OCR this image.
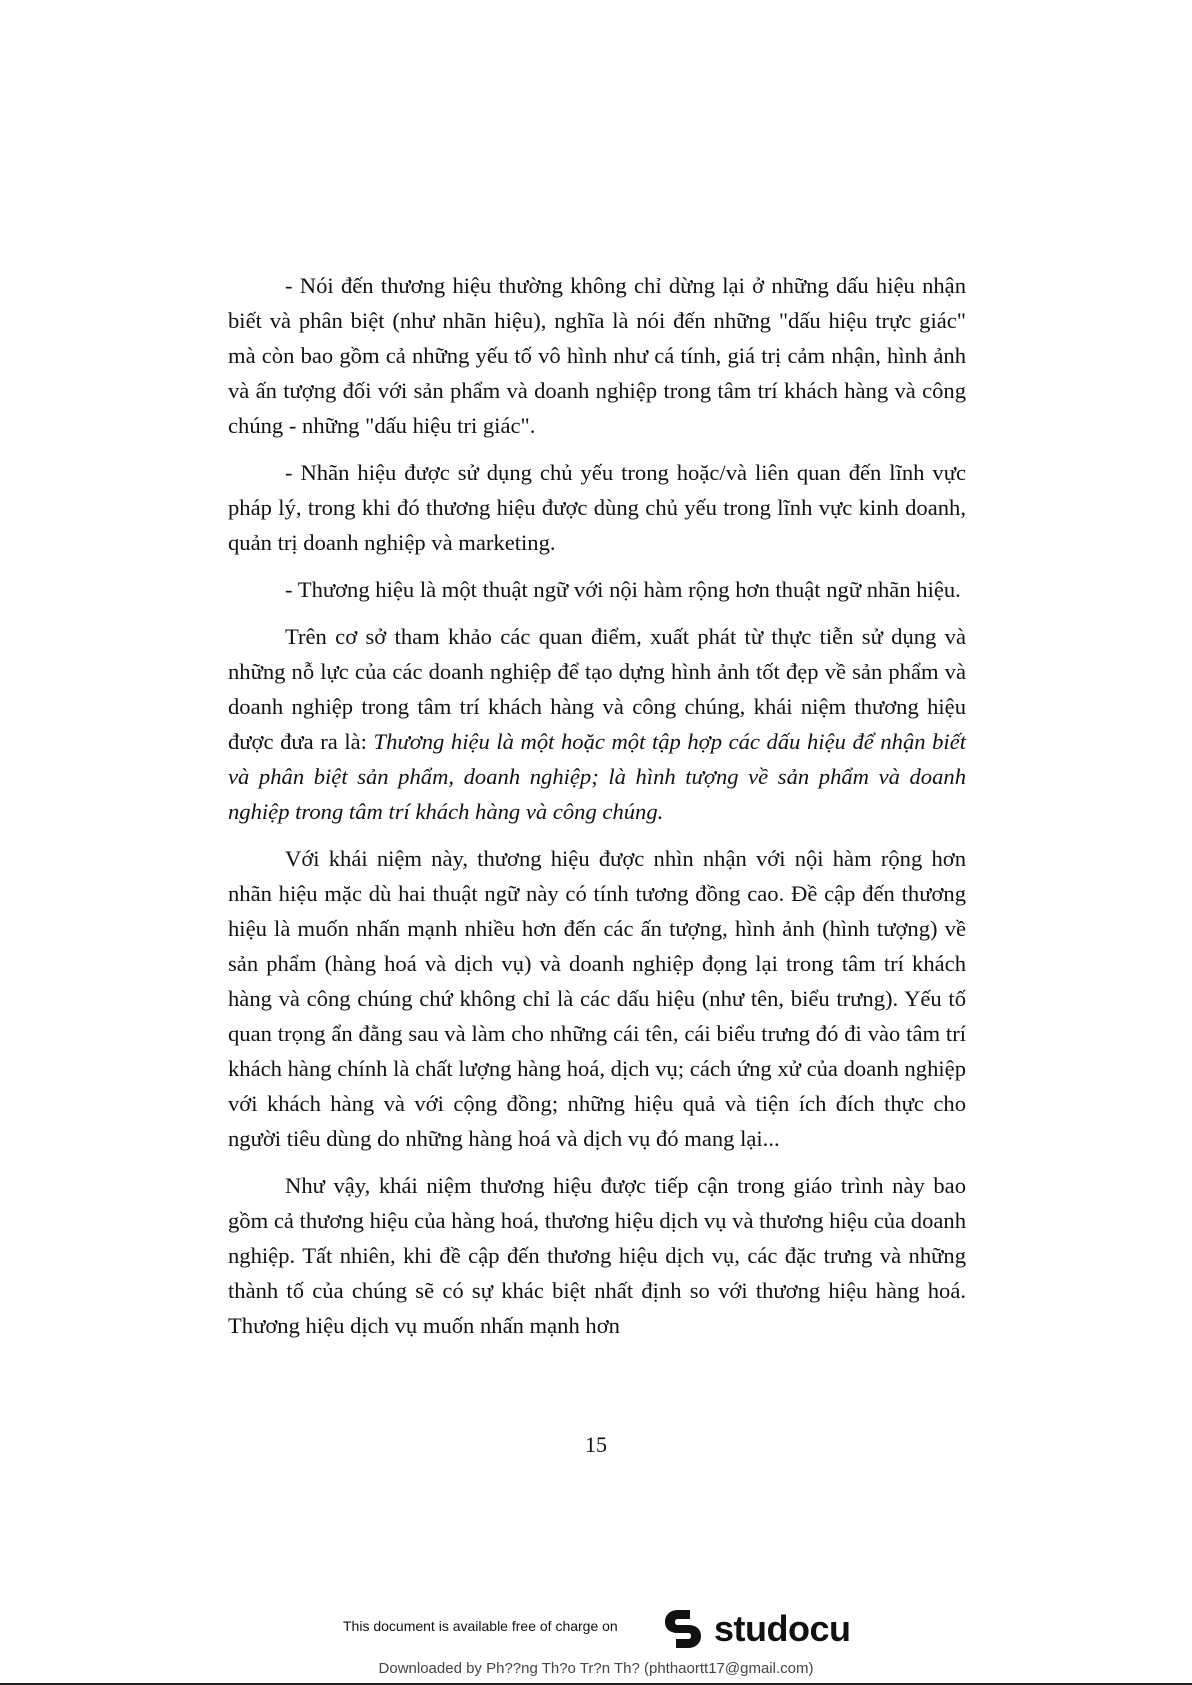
- Nói đến thương hiệu thường không chỉ dừng lại ở những dấu hiệu nhận biết và phân biệt (như nhãn hiệu), nghĩa là nói đến những "dấu hiệu trực giác" mà còn bao gồm cả những yếu tố vô hình như cá tính, giá trị cảm nhận, hình ảnh và ấn tượng đối với sản phẩm và doanh nghiệp trong tâm trí khách hàng và công chúng - những "dấu hiệu tri giác".

- Nhãn hiệu được sử dụng chủ yếu trong hoặc/và liên quan đến lĩnh vực pháp lý, trong khi đó thương hiệu được dùng chủ yếu trong lĩnh vực kinh doanh, quản trị doanh nghiệp và marketing.

- Thương hiệu là một thuật ngữ với nội hàm rộng hơn thuật ngữ nhãn hiệu.

Trên cơ sở tham khảo các quan điểm, xuất phát từ thực tiễn sử dụng và những nỗ lực của các doanh nghiệp để tạo dựng hình ảnh tốt đẹp về sản phẩm và doanh nghiệp trong tâm trí khách hàng và công chúng, khái niệm thương hiệu được đưa ra là: Thương hiệu là một hoặc một tập hợp các dấu hiệu để nhận biết và phân biệt sản phẩm, doanh nghiệp; là hình tượng về sản phẩm và doanh nghiệp trong tâm trí khách hàng và công chúng.

Với khái niệm này, thương hiệu được nhìn nhận với nội hàm rộng hơn nhãn hiệu mặc dù hai thuật ngữ này có tính tương đồng cao. Đề cập đến thương hiệu là muốn nhấn mạnh nhiều hơn đến các ấn tượng, hình ảnh (hình tượng) về sản phẩm (hàng hoá và dịch vụ) và doanh nghiệp đọng lại trong tâm trí khách hàng và công chúng chứ không chỉ là các dấu hiệu (như tên, biểu trưng). Yếu tố quan trọng ẩn đằng sau và làm cho những cái tên, cái biểu trưng đó đi vào tâm trí khách hàng chính là chất lượng hàng hoá, dịch vụ; cách ứng xử của doanh nghiệp với khách hàng và với cộng đồng; những hiệu quả và tiện ích đích thực cho người tiêu dùng do những hàng hoá và dịch vụ đó mang lại...

Như vậy, khái niệm thương hiệu được tiếp cận trong giáo trình này bao gồm cả thương hiệu của hàng hoá, thương hiệu dịch vụ và thương hiệu của doanh nghiệp. Tất nhiên, khi đề cập đến thương hiệu dịch vụ, các đặc trưng và những thành tố của chúng sẽ có sự khác biệt nhất định so với thương hiệu hàng hoá. Thương hiệu dịch vụ muốn nhấn mạnh hơn

15
This document is available free of charge on	studocu
Downloaded by Ph??ng Th?o Tr?n Th? (phthaortt17@gmail.com)
